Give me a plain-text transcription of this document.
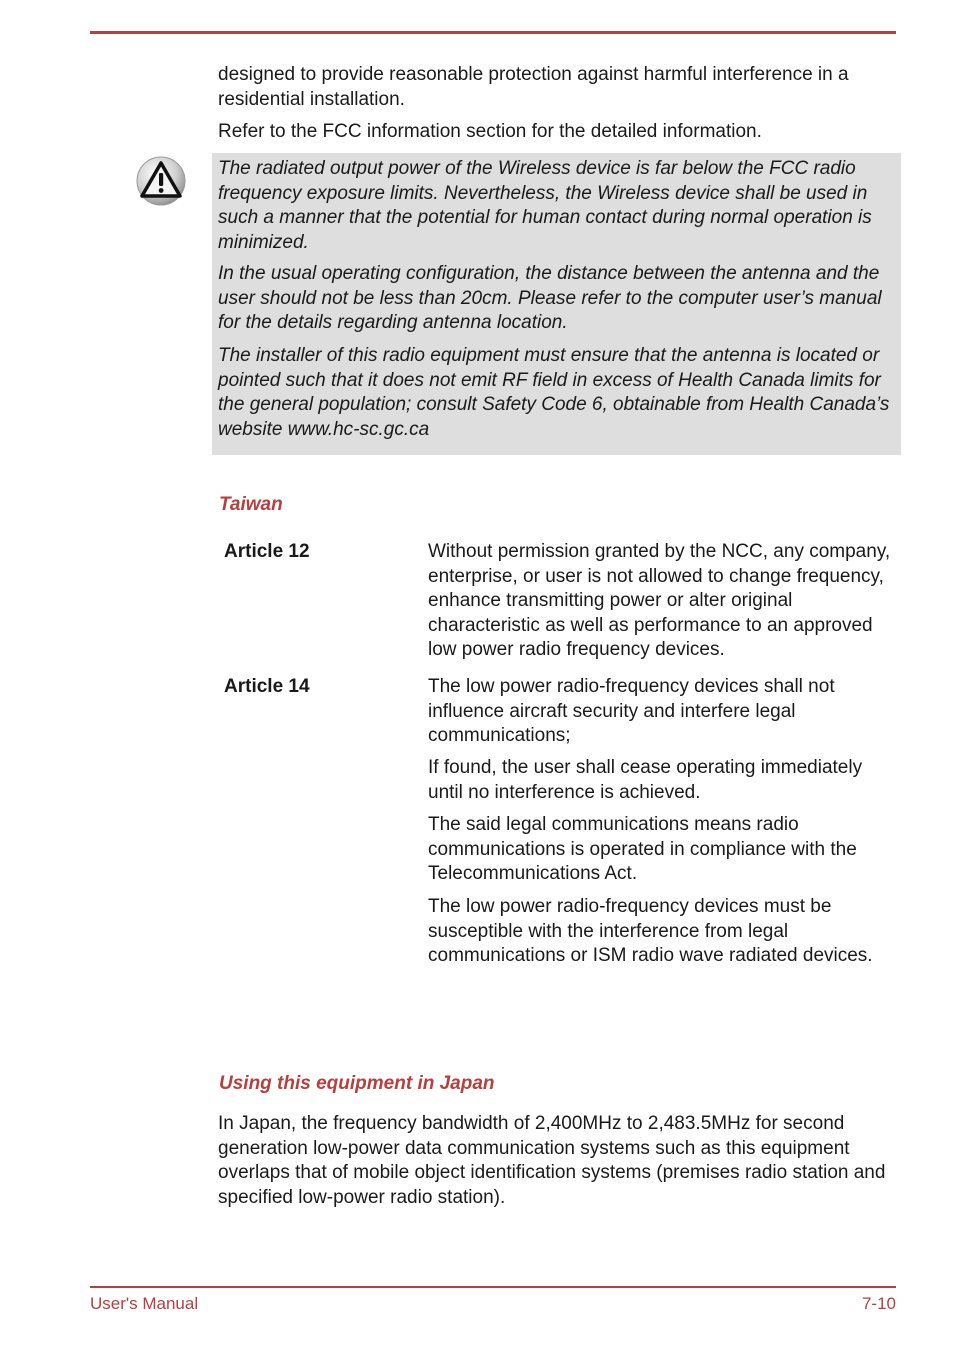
designed to provide reasonable protection against harmful interference in a residential installation.

Refer to the FCC information section for the detailed information.

The radiated output power of the Wireless device is far below the FCC radio frequency exposure limits. Nevertheless, the Wireless device shall be used in such a manner that the potential for human contact during normal operation is minimized.

In the usual operating configuration, the distance between the antenna and the user should not be less than 20cm. Please refer to the computer user’s manual for the details regarding antenna location.

The installer of this radio equipment must ensure that the antenna is located or pointed such that it does not emit RF field in excess of Health Canada limits for the general population; consult Safety Code 6, obtainable from Health Canada’s website www.hc-sc.gc.ca

Taiwan

Article 12	Without permission granted by the NCC, any company, enterprise, or user is not allowed to change frequency, enhance transmitting power or alter original characteristic as well as performance to an approved low power radio frequency devices.

Article 14	The low power radio-frequency devices shall not influence aircraft security and interfere legal communications;

If found, the user shall cease operating immediately until no interference is achieved.

The said legal communications means radio communications is operated in compliance with the Telecommunications Act.

The low power radio-frequency devices must be susceptible with the interference from legal communications or ISM radio wave radiated devices.

Using this equipment in Japan

In Japan, the frequency bandwidth of 2,400MHz to 2,483.5MHz for second generation low-power data communication systems such as this equipment overlaps that of mobile object identification systems (premises radio station and specified low-power radio station).

User's Manual	7-10
